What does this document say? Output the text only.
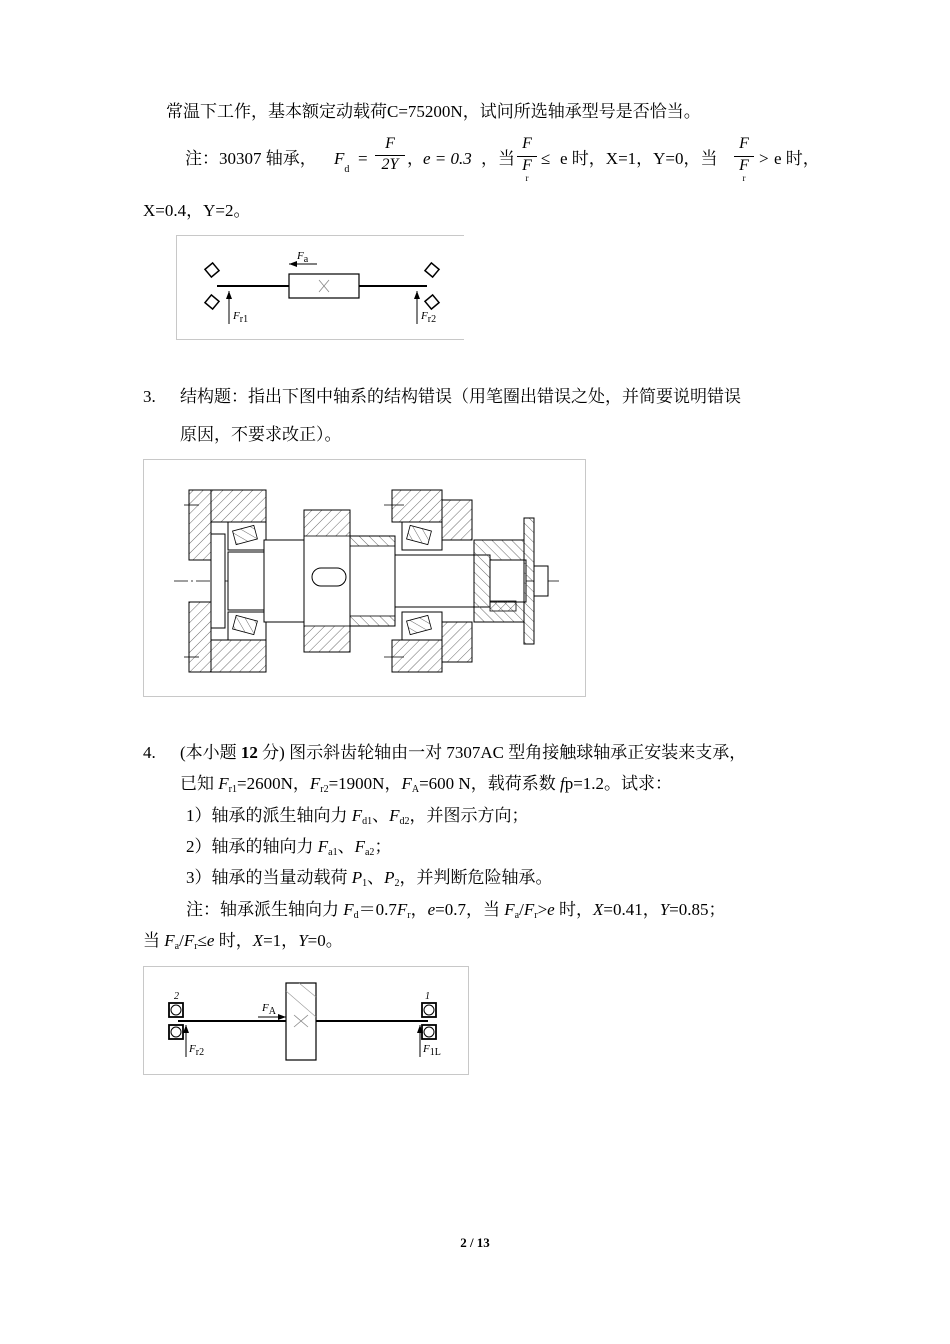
常温下工作，基本额定动载荷C=75200N，试问所选轴承型号是否恰当。
注：30307 轴承， $F_d$
= $\frac{F}{2Y}$ ， e = 0.3 ，当
F
F
r
≤ e 时，X=1，Y=0，当
F
F
r
> e 时，
X=0.4，Y=2。
$F_a$
$F_{r1}$	$F_{r2}$
3. 结构题：指出下图中轴系的结构错误（用笔圈出错误之处，并简要说明错误
原因，不要求改正）。
4. (本小题 12 分) 图示斜齿轮轴由一对 7307AC 型角接触球轴承正安装来支承，
已知 $F_{r1}=2600N$，$F_{r2}=1900N$，$F_A=600$ N，载荷系数 fp=1.2。试求：
1）轴承的派生轴向力 $F_{d1}$、$F_{d2}$，并图示方向；
2）轴承的轴向力 $F_{a1}$、$F_{a2}$；
3）轴承的当量动载荷 $P_1$、$P_2$，并判断危险轴承。
注：轴承派生轴向力 $F_d=0.7F_r$，e=0.7，当 $F_a/F_r>e$ 时，X=0.41，Y=0.85；
当 $F_a/F_r\le e$ 时，X=1，Y=0。
2	1
$F_A$
$F_{r2}$	$F_{1L}$
2 / 13
